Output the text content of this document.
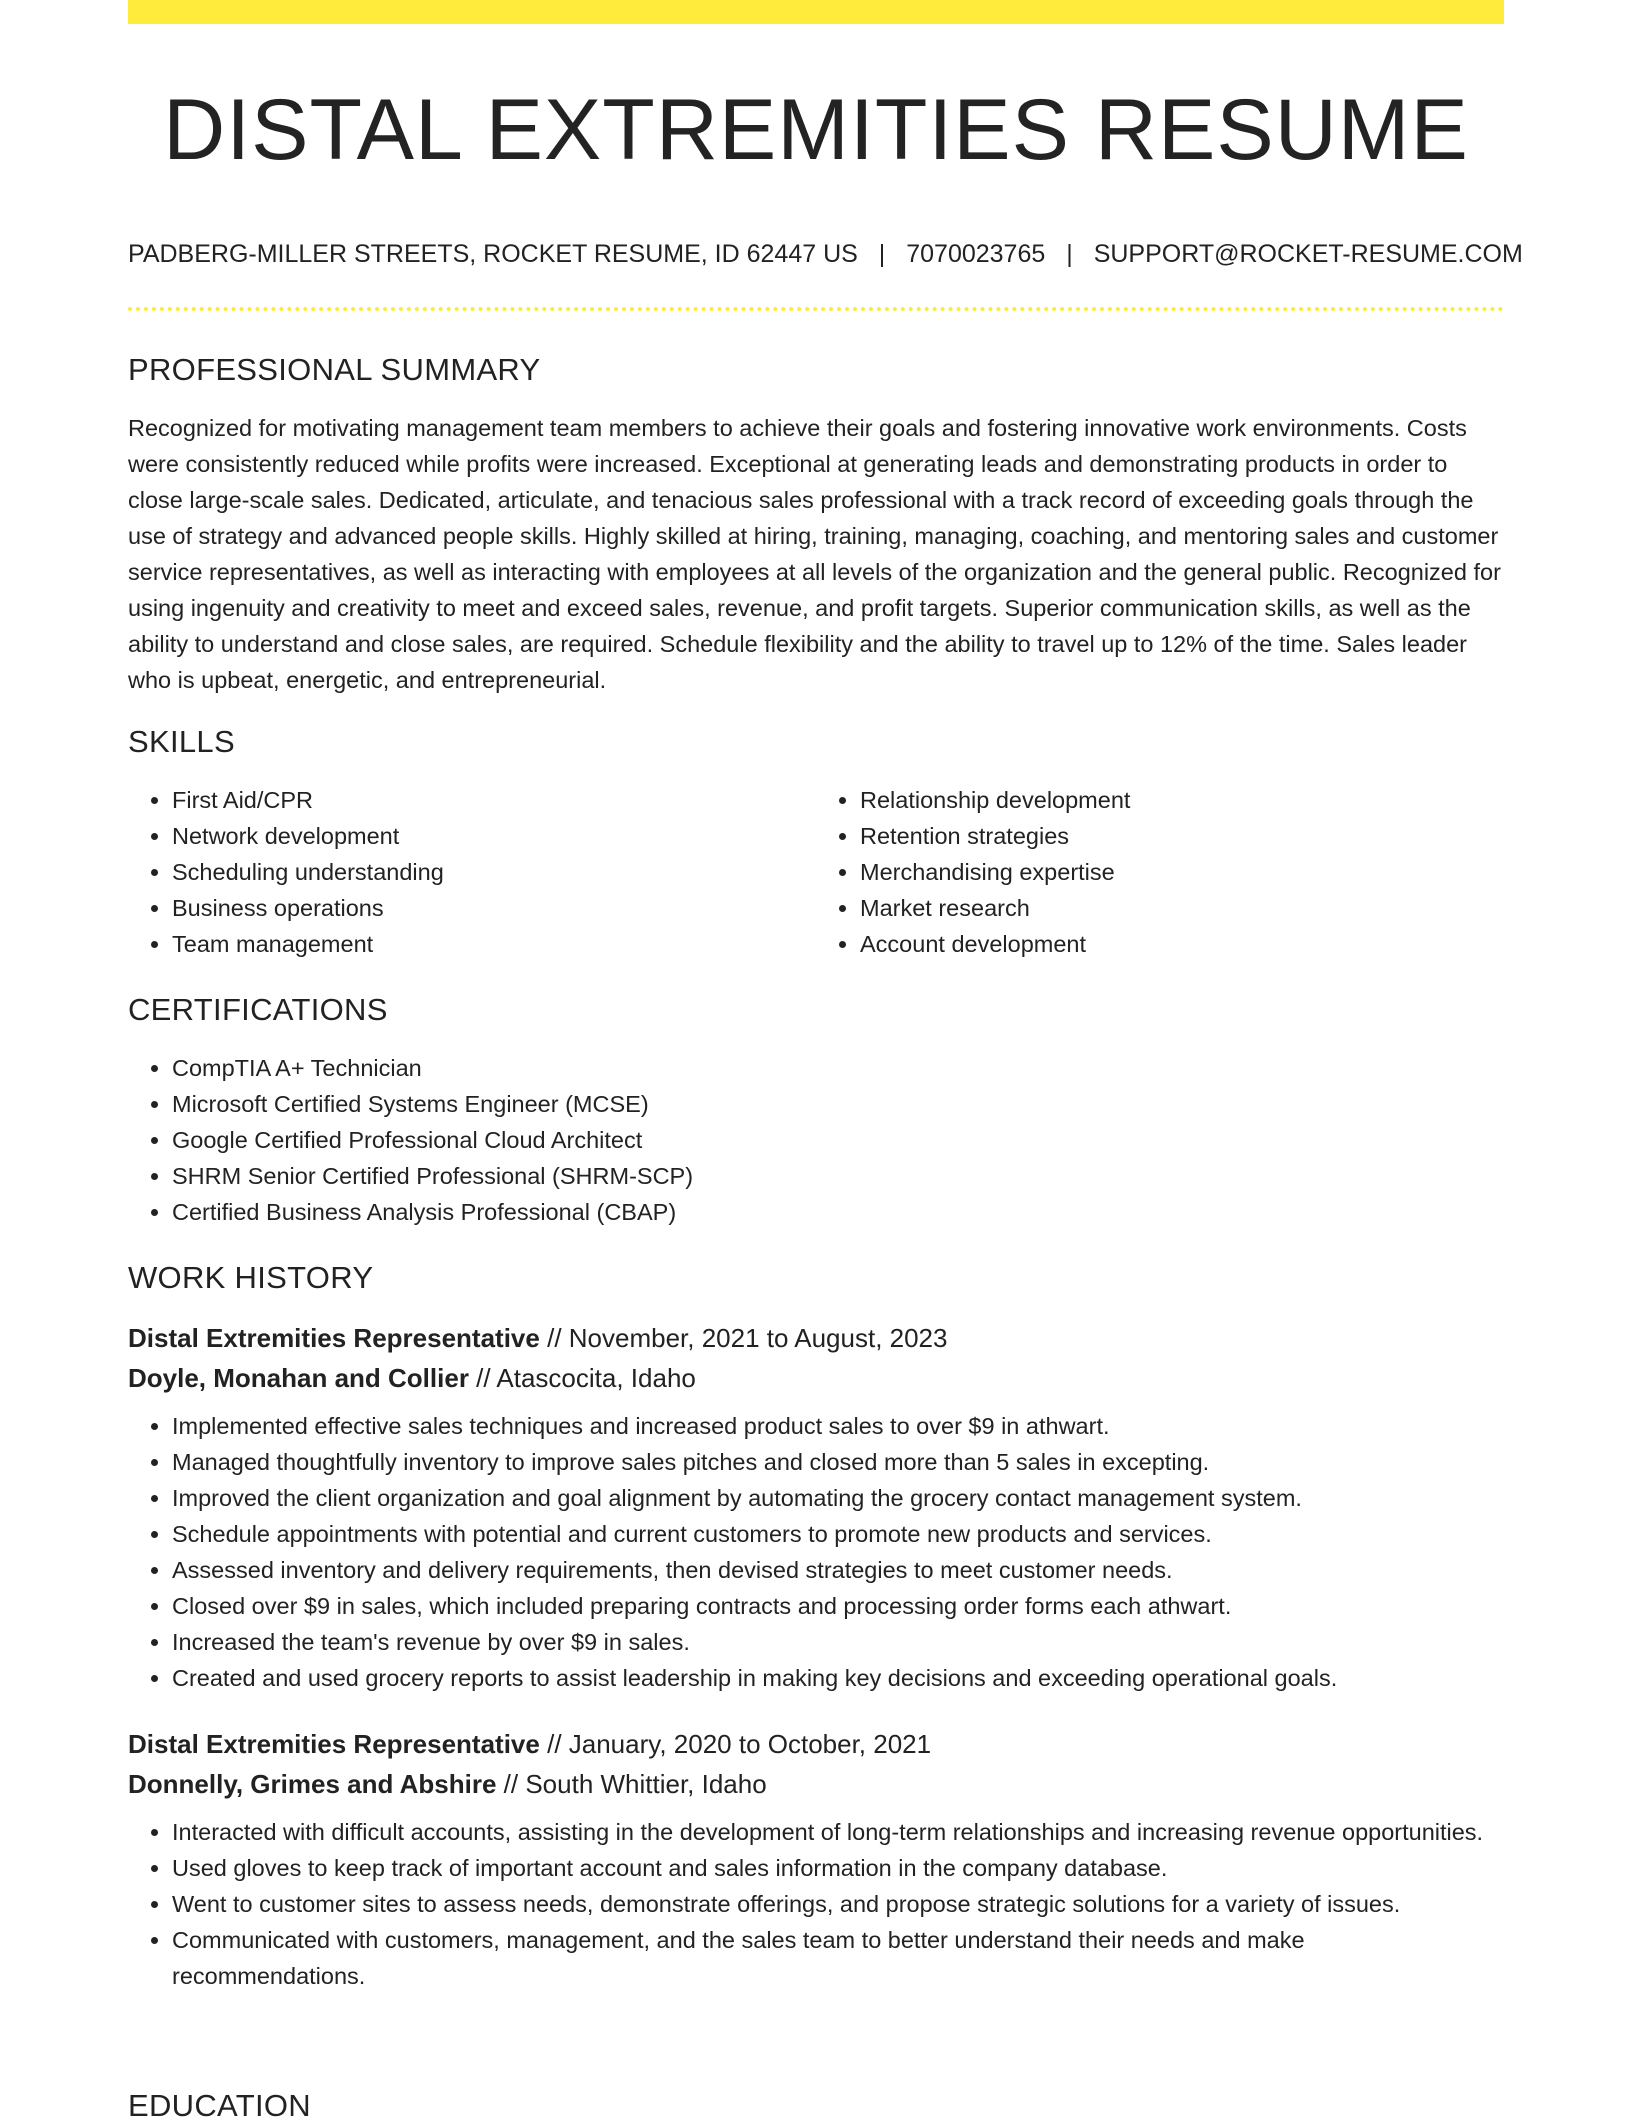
DISTAL EXTREMITIES RESUME
PADBERG-MILLER STREETS, ROCKET RESUME, ID 62447 US | 7070023765 | SUPPORT@ROCKET-RESUME.COM
PROFESSIONAL SUMMARY

Recognized for motivating management team members to achieve their goals and fostering innovative work environments. Costs were consistently reduced while profits were increased. Exceptional at generating leads and demonstrating products in order to close large-scale sales. Dedicated, articulate, and tenacious sales professional with a track record of exceeding goals through the use of strategy and advanced people skills. Highly skilled at hiring, training, managing, coaching, and mentoring sales and customer service representatives, as well as interacting with employees at all levels of the organization and the general public. Recognized for using ingenuity and creativity to meet and exceed sales, revenue, and profit targets. Superior communication skills, as well as the ability to understand and close sales, are required. Schedule flexibility and the ability to travel up to 12% of the time. Sales leader who is upbeat, energetic, and entrepreneurial.

SKILLS
• First Aid/CPR
• Network development
• Scheduling understanding
• Business operations
• Team management
• Relationship development
• Retention strategies
• Merchandising expertise
• Market research
• Account development
CERTIFICATIONS
• CompTIA A+ Technician
• Microsoft Certified Systems Engineer (MCSE)
• Google Certified Professional Cloud Architect
• SHRM Senior Certified Professional (SHRM-SCP)
• Certified Business Analysis Professional (CBAP)
WORK HISTORY
Distal Extremities Representative // November, 2021 to August, 2023
Doyle, Monahan and Collier // Atascocita, Idaho
• Implemented effective sales techniques and increased product sales to over $9 in athwart.
• Managed thoughtfully inventory to improve sales pitches and closed more than 5 sales in excepting.
• Improved the client organization and goal alignment by automating the grocery contact management system.
• Schedule appointments with potential and current customers to promote new products and services.
• Assessed inventory and delivery requirements, then devised strategies to meet customer needs.
• Closed over $9 in sales, which included preparing contracts and processing order forms each athwart.
• Increased the team's revenue by over $9 in sales.
• Created and used grocery reports to assist leadership in making key decisions and exceeding operational goals.
Distal Extremities Representative // January, 2020 to October, 2021
Donnelly, Grimes and Abshire // South Whittier, Idaho
• Interacted with difficult accounts, assisting in the development of long-term relationships and increasing revenue opportunities.
• Used gloves to keep track of important account and sales information in the company database.
• Went to customer sites to assess needs, demonstrate offerings, and propose strategic solutions for a variety of issues.
• Communicated with customers, management, and the sales team to better understand their needs and make recommendations.
EDUCATION
